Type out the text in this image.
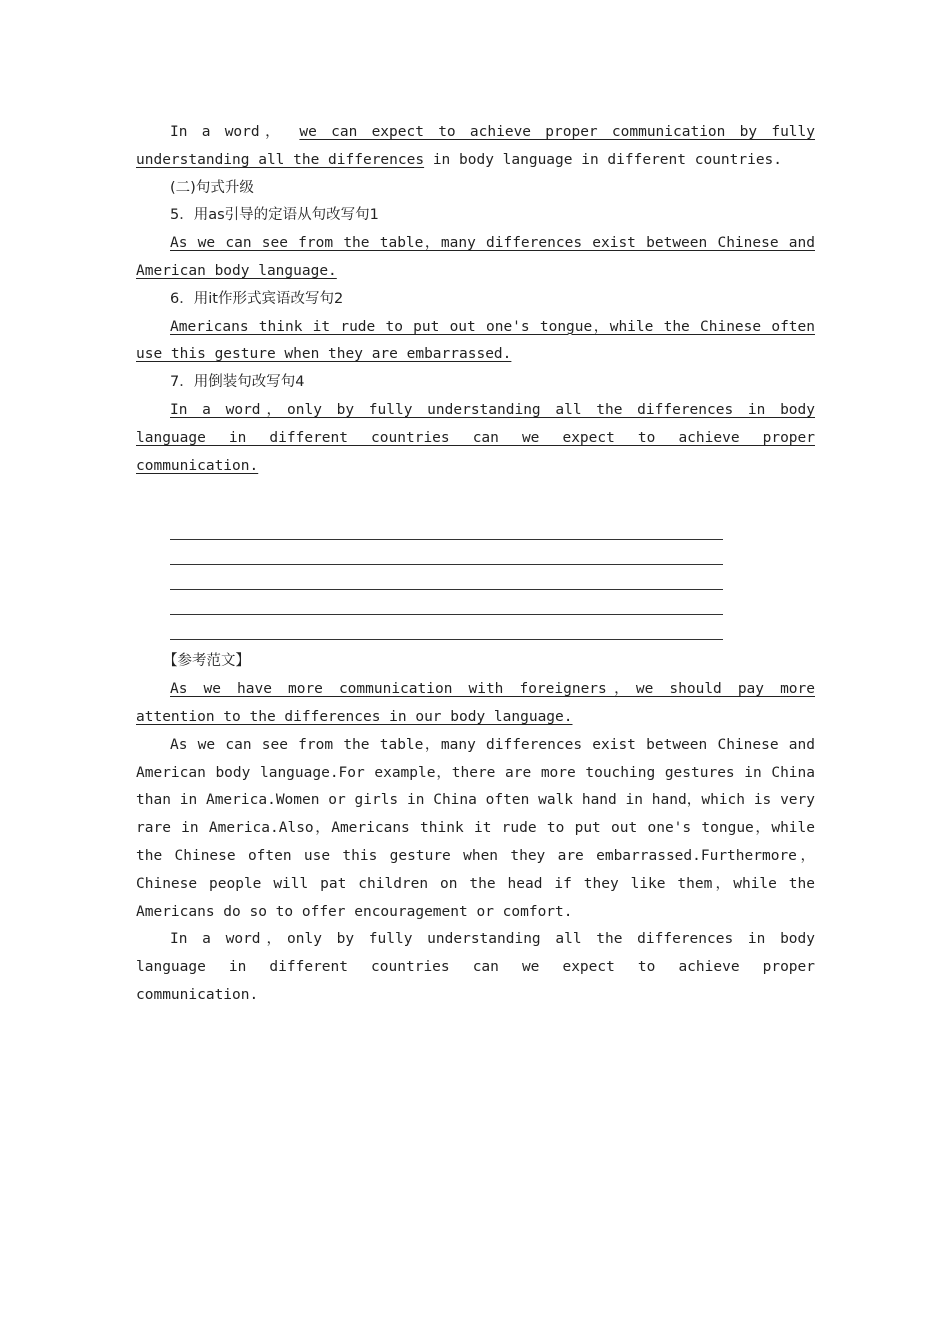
In a word， we can expect to achieve proper communication by fully understanding all the differences in body language in different countries.

(二)句式升级

5．用as引导的定语从句改写句1

As we can see from the table，many differences exist between Chinese and American body language.

6．用it作形式宾语改写句2

Americans think it rude to put out one's tongue，while the Chinese often use this gesture when they are embarrassed.

7．用倒装句改写句4

In a word，only by fully understanding all the differences in body language in different countries can we expect to achieve proper communication.

【参考范文】

As we have more communication with foreigners，we should pay more attention to the differences in our body language.

As we can see from the table，many differences exist between Chinese and American body language.For example，there are more touching gestures in China than in America.Women or girls in China often walk hand in hand，which is very rare in America.Also，Americans think it rude to put out one's tongue，while the Chinese often use this gesture when they are embarrassed.Furthermore，Chinese people will pat children on the head if they like them，while the Americans do so to offer encouragement or comfort.

In a word，only by fully understanding all the differences in body language in different countries can we expect to achieve proper communication.
